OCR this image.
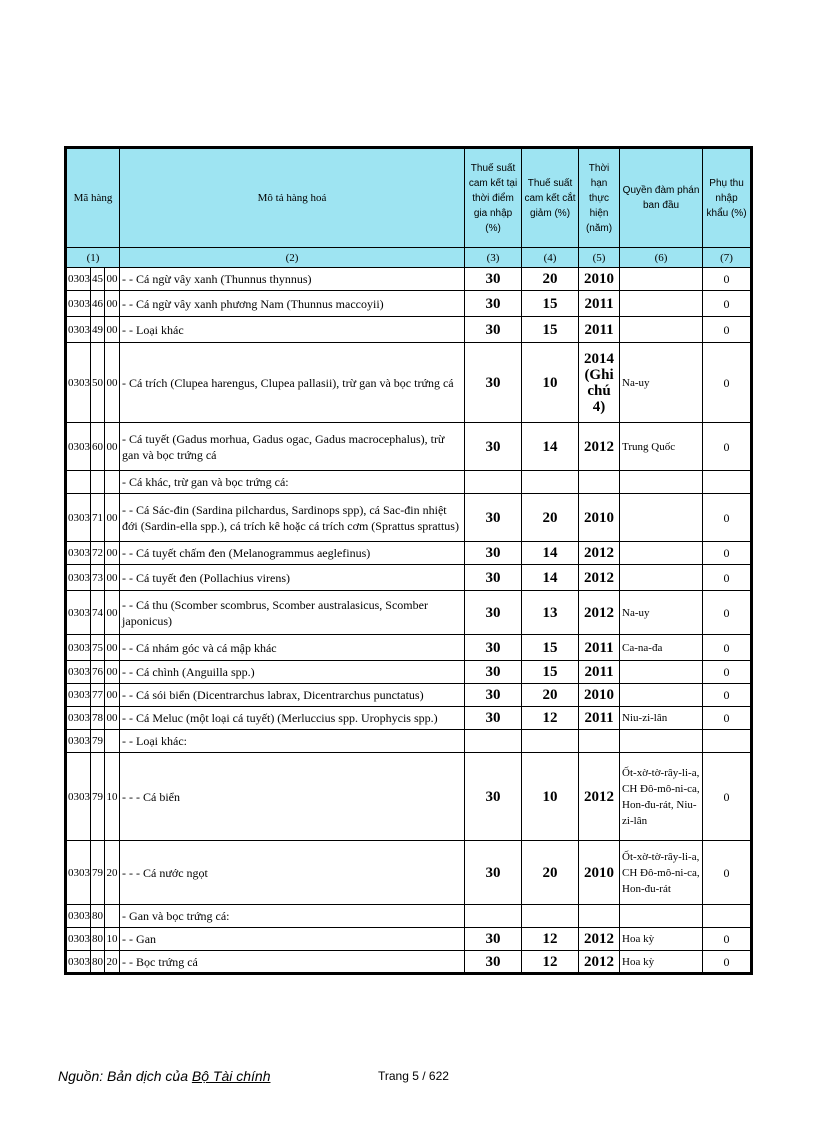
Mã hàng			Mô tả hàng hoá	Thuế suất cam kết tại thời điểm gia nhập (%)	Thuế suất cam kết cắt giảm (%)	Thời hạn thực hiện (năm)	Quyền đàm phán ban đầu	Phụ thu nhập khẩu (%)
(1)			(2)	(3)	(4)	(5)	(6)	(7)
0303	45	00	- - Cá ngừ vây xanh (Thunnus thynnus)	30	20	2010		0
0303	46	00	- - Cá ngừ vây xanh phương Nam (Thunnus maccoyii)	30	15	2011		0
0303	49	00	- - Loại khác	30	15	2011		0
0303	50	00	- Cá trích (Clupea harengus, Clupea pallasii), trừ gan và bọc trứng cá	30	10	2014 (Ghi chú 4)	Na-uy	0
0303	60	00	- Cá tuyết (Gadus morhua, Gadus ogac, Gadus macrocephalus), trừ gan và bọc trứng cá	30	14	2012	Trung Quốc	0
			- Cá khác, trừ gan và bọc trứng cá:					
0303	71	00	- - Cá Sác-đin (Sardina pilchardus, Sardinops spp), cá Sac-đin nhiệt đới (Sardin-ella spp.), cá trích kê hoặc cá trích cơm (Sprattus sprattus)	30	20	2010		0
0303	72	00	- - Cá tuyết chấm đen (Melanogrammus aeglefinus)	30	14	2012		0
0303	73	00	- - Cá tuyết đen (Pollachius virens)	30	14	2012		0
0303	74	00	- - Cá thu (Scomber scombrus, Scomber australasicus, Scomber japonicus)	30	13	2012	Na-uy	0
0303	75	00	- - Cá nhám góc và cá mập khác	30	15	2011	Ca-na-đa	0
0303	76	00	- - Cá chình (Anguilla spp.)	30	15	2011		0
0303	77	00	- - Cá sói biển (Dicentrarchus labrax, Dicentrarchus punctatus)	30	20	2010		0
0303	78	00	- - Cá Meluc (một loại cá tuyết) (Merluccius spp. Urophycis spp.)	30	12	2011	Niu-zi-lân	0
0303	79		- - Loại khác:					
0303	79	10	- - - Cá biển	30	10	2012	Ốt-xờ-tờ-rây-li-a, CH Đô-mô-ni-ca, Hon-đu-rát, Niu-zi-lân	0
0303	79	20	- - - Cá nước ngọt	30	20	2010	Ốt-xờ-tờ-rây-li-a, CH Đô-mô-ni-ca, Hon-đu-rát	0
0303	80		- Gan và bọc trứng cá:					
0303	80	10	- - Gan	30	12	2012	Hoa kỳ	0
0303	80	20	- - Bọc trứng cá	30	12	2012	Hoa kỳ	0
Nguồn: Bản dịch của Bộ Tài chính	Trang 5 / 622
